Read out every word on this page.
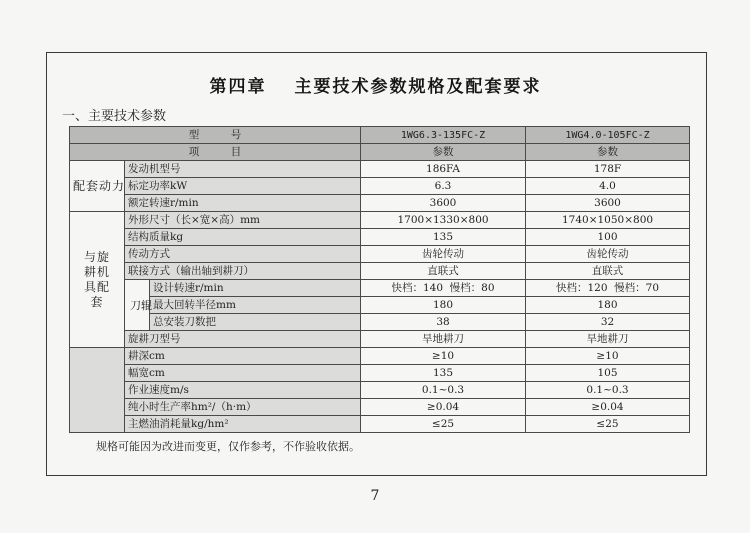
第四章 主要技术参数规格及配套要求
一、主要技术参数
型　　　号			1WG6.3-135FC-Z	1WG4.0-105FC-Z
项　　　目			参数	参数
配套动力	发动机型号		186FA	178F
	标定功率kW		6.3	4.0
	额定转速r/min		3600	3600
与旋耕机具配套	外形尺寸（长×宽×高）mm		1700×1330×800	1740×1050×800
	结构质量kg		135	100
	传动方式		齿轮传动	齿轮传动
	联接方式（输出轴到耕刀）		直联式	直联式
	刀辊	设计转速r/min	快档：140  慢档：80	快档：120  慢档：70
		最大回转半径mm	180	180
		总安装刀数把	38	32
	旋耕刀型号		旱地耕刀	旱地耕刀
	耕深cm		≥10	≥10
	幅宽cm		135	105
	作业速度m/s		0.1~0.3	0.1~0.3
	纯小时生产率hm²/（h·m）		≥0.04	≥0.04
	主燃油消耗量kg/hm²		≤25	≤25
规格可能因为改进而变更，仅作参考，不作验收依据。
7
